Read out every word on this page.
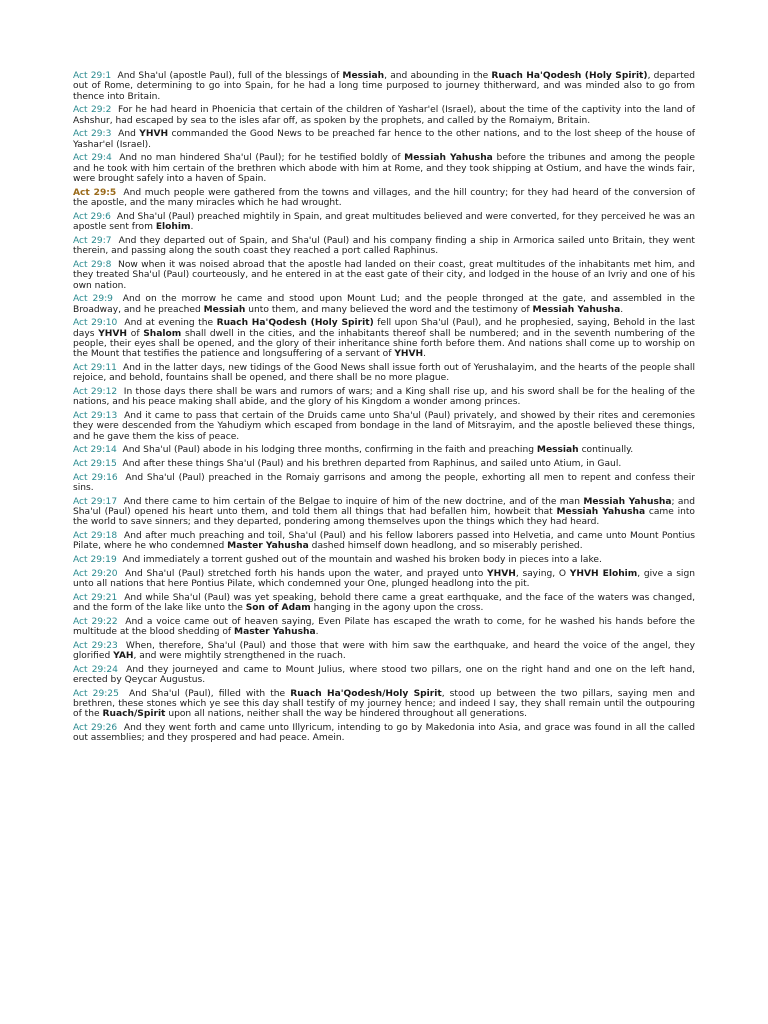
Act 29:1 And Sha'ul (apostle Paul), full of the blessings of Messiah, and abounding in the Ruach Ha'Qodesh (Holy Spirit), departed out of Rome, determining to go into Spain, for he had a long time purposed to journey thitherward, and was minded also to go from thence into Britain.

Act 29:2 For he had heard in Phoenicia that certain of the children of Yashar'el (Israel), about the time of the captivity into the land of Ashshur, had escaped by sea to the isles afar off, as spoken by the prophets, and called by the Romaiym, Britain.

Act 29:3 And YHVH commanded the Good News to be preached far hence to the other nations, and to the lost sheep of the house of Yashar'el (Israel).

Act 29:4 And no man hindered Sha'ul (Paul); for he testified boldly of Messiah Yahusha before the tribunes and among the people and he took with him certain of the brethren which abode with him at Rome, and they took shipping at Ostium, and have the winds fair, were brought safely into a haven of Spain.

Act 29:5 And much people were gathered from the towns and villages, and the hill country; for they had heard of the conversion of the apostle, and the many miracles which he had wrought.

Act 29:6 And Sha'ul (Paul) preached mightily in Spain, and great multitudes believed and were converted, for they perceived he was an apostle sent from Elohim.

Act 29:7 And they departed out of Spain, and Sha'ul (Paul) and his company finding a ship in Armorica sailed unto Britain, they went therein, and passing along the south coast they reached a port called Raphinus.

Act 29:8 Now when it was noised abroad that the apostle had landed on their coast, great multitudes of the inhabitants met him, and they treated Sha'ul (Paul) courteously, and he entered in at the east gate of their city, and lodged in the house of an Ivriy and one of his own nation.

Act 29:9 And on the morrow he came and stood upon Mount Lud; and the people thronged at the gate, and assembled in the Broadway, and he preached Messiah unto them, and many believed the word and the testimony of Messiah Yahusha.

Act 29:10 And at evening the Ruach Ha'Qodesh (Holy Spirit) fell upon Sha'ul (Paul), and he prophesied, saying, Behold in the last days YHVH of Shalom shall dwell in the cities, and the inhabitants thereof shall be numbered; and in the seventh numbering of the people, their eyes shall be opened, and the glory of their inheritance shine forth before them. And nations shall come up to worship on the Mount that testifies the patience and longsuffering of a servant of YHVH.

Act 29:11 And in the latter days, new tidings of the Good News shall issue forth out of Yerushalayim, and the hearts of the people shall rejoice, and behold, fountains shall be opened, and there shall be no more plague.

Act 29:12 In those days there shall be wars and rumors of wars; and a King shall rise up, and his sword shall be for the healing of the nations, and his peace making shall abide, and the glory of his Kingdom a wonder among princes.

Act 29:13 And it came to pass that certain of the Druids came unto Sha'ul (Paul) privately, and showed by their rites and ceremonies they were descended from the Yahudiym which escaped from bondage in the land of Mitsrayim, and the apostle believed these things, and he gave them the kiss of peace.

Act 29:14 And Sha'ul (Paul) abode in his lodging three months, confirming in the faith and preaching Messiah continually.

Act 29:15 And after these things Sha'ul (Paul) and his brethren departed from Raphinus, and sailed unto Atium, in Gaul.

Act 29:16 And Sha'ul (Paul) preached in the Romaiy garrisons and among the people, exhorting all men to repent and confess their sins.

Act 29:17 And there came to him certain of the Belgae to inquire of him of the new doctrine, and of the man Messiah Yahusha; and Sha'ul (Paul) opened his heart unto them, and told them all things that had befallen him, howbeit that Messiah Yahusha came into the world to save sinners; and they departed, pondering among themselves upon the things which they had heard.

Act 29:18 And after much preaching and toil, Sha'ul (Paul) and his fellow laborers passed into Helvetia, and came unto Mount Pontius Pilate, where he who condemned Master Yahusha dashed himself down headlong, and so miserably perished.

Act 29:19 And immediately a torrent gushed out of the mountain and washed his broken body in pieces into a lake.

Act 29:20 And Sha'ul (Paul) stretched forth his hands upon the water, and prayed unto YHVH, saying, O YHVH Elohim, give a sign unto all nations that here Pontius Pilate, which condemned your One, plunged headlong into the pit.

Act 29:21 And while Sha'ul (Paul) was yet speaking, behold there came a great earthquake, and the face of the waters was changed, and the form of the lake like unto the Son of Adam hanging in the agony upon the cross.

Act 29:22 And a voice came out of heaven saying, Even Pilate has escaped the wrath to come, for he washed his hands before the multitude at the blood shedding of Master Yahusha.

Act 29:23 When, therefore, Sha'ul (Paul) and those that were with him saw the earthquake, and heard the voice of the angel, they glorified YAH, and were mightily strengthened in the ruach.

Act 29:24 And they journeyed and came to Mount Julius, where stood two pillars, one on the right hand and one on the left hand, erected by Qeycar Augustus.

Act 29:25 And Sha'ul (Paul), filled with the Ruach Ha'Qodesh/Holy Spirit, stood up between the two pillars, saying men and brethren, these stones which ye see this day shall testify of my journey hence; and indeed I say, they shall remain until the outpouring of the Ruach/Spirit upon all nations, neither shall the way be hindered throughout all generations.

Act 29:26 And they went forth and came unto Illyricum, intending to go by Makedonia into Asia, and grace was found in all the called out assemblies; and they prospered and had peace. Amein.
